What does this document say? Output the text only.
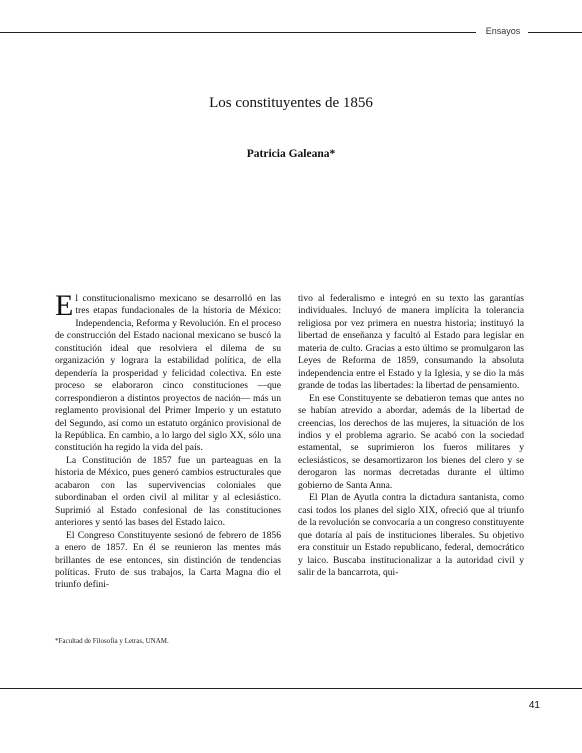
Ensayos
Los constituyentes de 1856
Patricia Galeana*

El constitucionalismo mexicano se desarrolló en las tres etapas fundacionales de la historia de México: Independencia, Reforma y Revolución. En el proceso de construcción del Estado nacional mexicano se buscó la constitución ideal que resolviera el dilema de su organización y lograra la estabilidad política, de ella dependería la prosperidad y felicidad colectiva. En este proceso se elaboraron cinco constituciones —que correspondieron a distintos proyectos de nación— más un reglamento provisional del Primer Imperio y un estatuto del Segundo, así como un estatuto orgánico provisional de la República. En cambio, a lo largo del siglo XX, sólo una constitución ha regido la vida del país.

La Constitución de 1857 fue un parteaguas en la historia de México, pues generó cambios estructurales que acabaron con las supervivencias coloniales que subordinaban el orden civil al militar y al eclesiástico. Suprimió al Estado confesional de las constituciones anteriores y sentó las bases del Estado laico.

El Congreso Constituyente sesionó de febrero de 1856 a enero de 1857. En él se reunieron las mentes más brillantes de ese entonces, sin distinción de tendencias políticas. Fruto de sus trabajos, la Carta Magna dio el triunfo defini-

tivo al federalismo e integró en su texto las garantías individuales. Incluyó de manera implícita la tolerancia religiosa por vez primera en nuestra historia; instituyó la libertad de enseñanza y facultó al Estado para legislar en materia de culto. Gracias a esto último se promulgaron las Leyes de Reforma de 1859, consumando la absoluta independencia entre el Estado y la Iglesia, y se dio la más grande de todas las libertades: la libertad de pensamiento.

En ese Constituyente se debatieron temas que antes no se habían atrevido a abordar, además de la libertad de creencias, los derechos de las mujeres, la situación de los indios y el problema agrario. Se acabó con la sociedad estamental, se suprimieron los fueros militares y eclesiásticos, se desamortizaron los bienes del clero y se derogaron las normas decretadas durante el último gobierno de Santa Anna.

El Plan de Ayutla contra la dictadura santanista, como casi todos los planes del siglo XIX, ofreció que al triunfo de la revolución se convocaría a un congreso constituyente que dotaría al país de instituciones liberales. Su objetivo era constituir un Estado republicano, federal, democrático y laico. Buscaba institucionalizar a la autoridad civil y salir de la bancarrota, qui-

*Facultad de Filosofía y Letras, UNAM.
41
